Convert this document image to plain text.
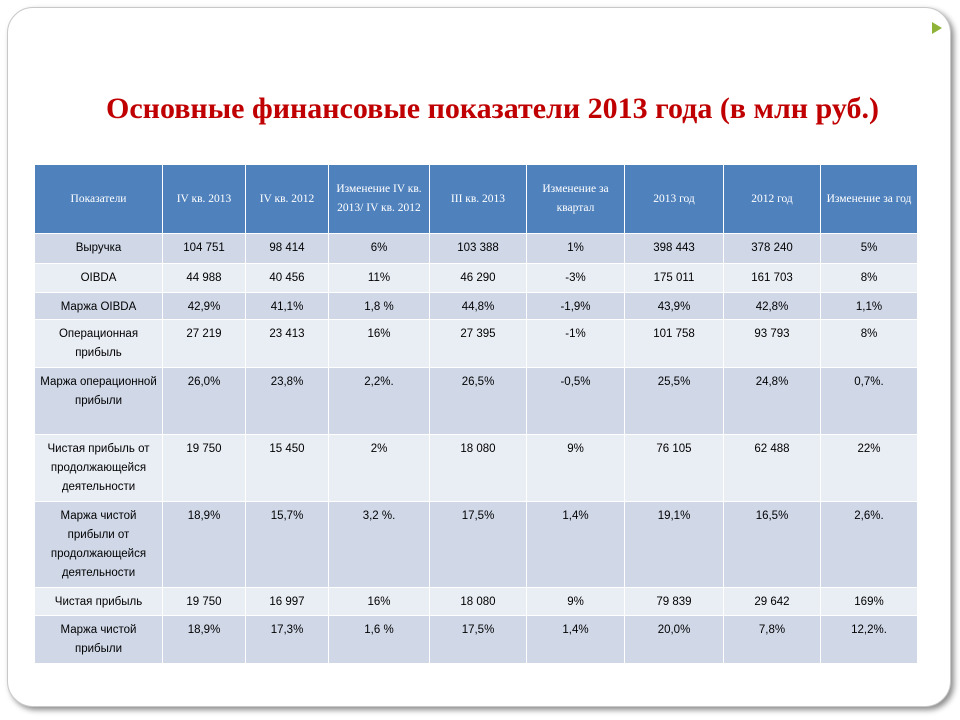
Основные финансовые показатели 2013 года (в млн руб.)
Показатели	IV кв. 2013	IV кв. 2012	Изменение IV кв. 2013/ IV кв. 2012	III кв. 2013	Изменение за квартал	2013 год	2012 год	Изменение за год
Выручка	104 751	98 414	6%	103 388	1%	398 443	378 240	5%
OIBDA	44 988	40 456	11%	46 290	-3%	175 011	161 703	8%
Маржа OIBDA	42,9%	41,1%	1,8 %	44,8%	-1,9%	43,9%	42,8%	1,1%
Операционная прибыль	27 219	23 413	16%	27 395	-1%	101 758	93 793	8%
Маржа операционной прибыли	26,0%	23,8%	2,2%.	26,5%	-0,5%	25,5%	24,8%	0,7%.
Чистая прибыль от продолжающейся деятельности	19 750	15 450	2%	18 080	9%	76 105	62 488	22%
Маржа чистой прибыли от продолжающейся деятельности	18,9%	15,7%	3,2 %.	17,5%	1,4%	19,1%	16,5%	2,6%.
Чистая прибыль	19 750	16 997	16%	18 080	9%	79 839	29 642	169%
Маржа чистой прибыли	18,9%	17,3%	1,6 %	17,5%	1,4%	20,0%	7,8%	12,2%.
